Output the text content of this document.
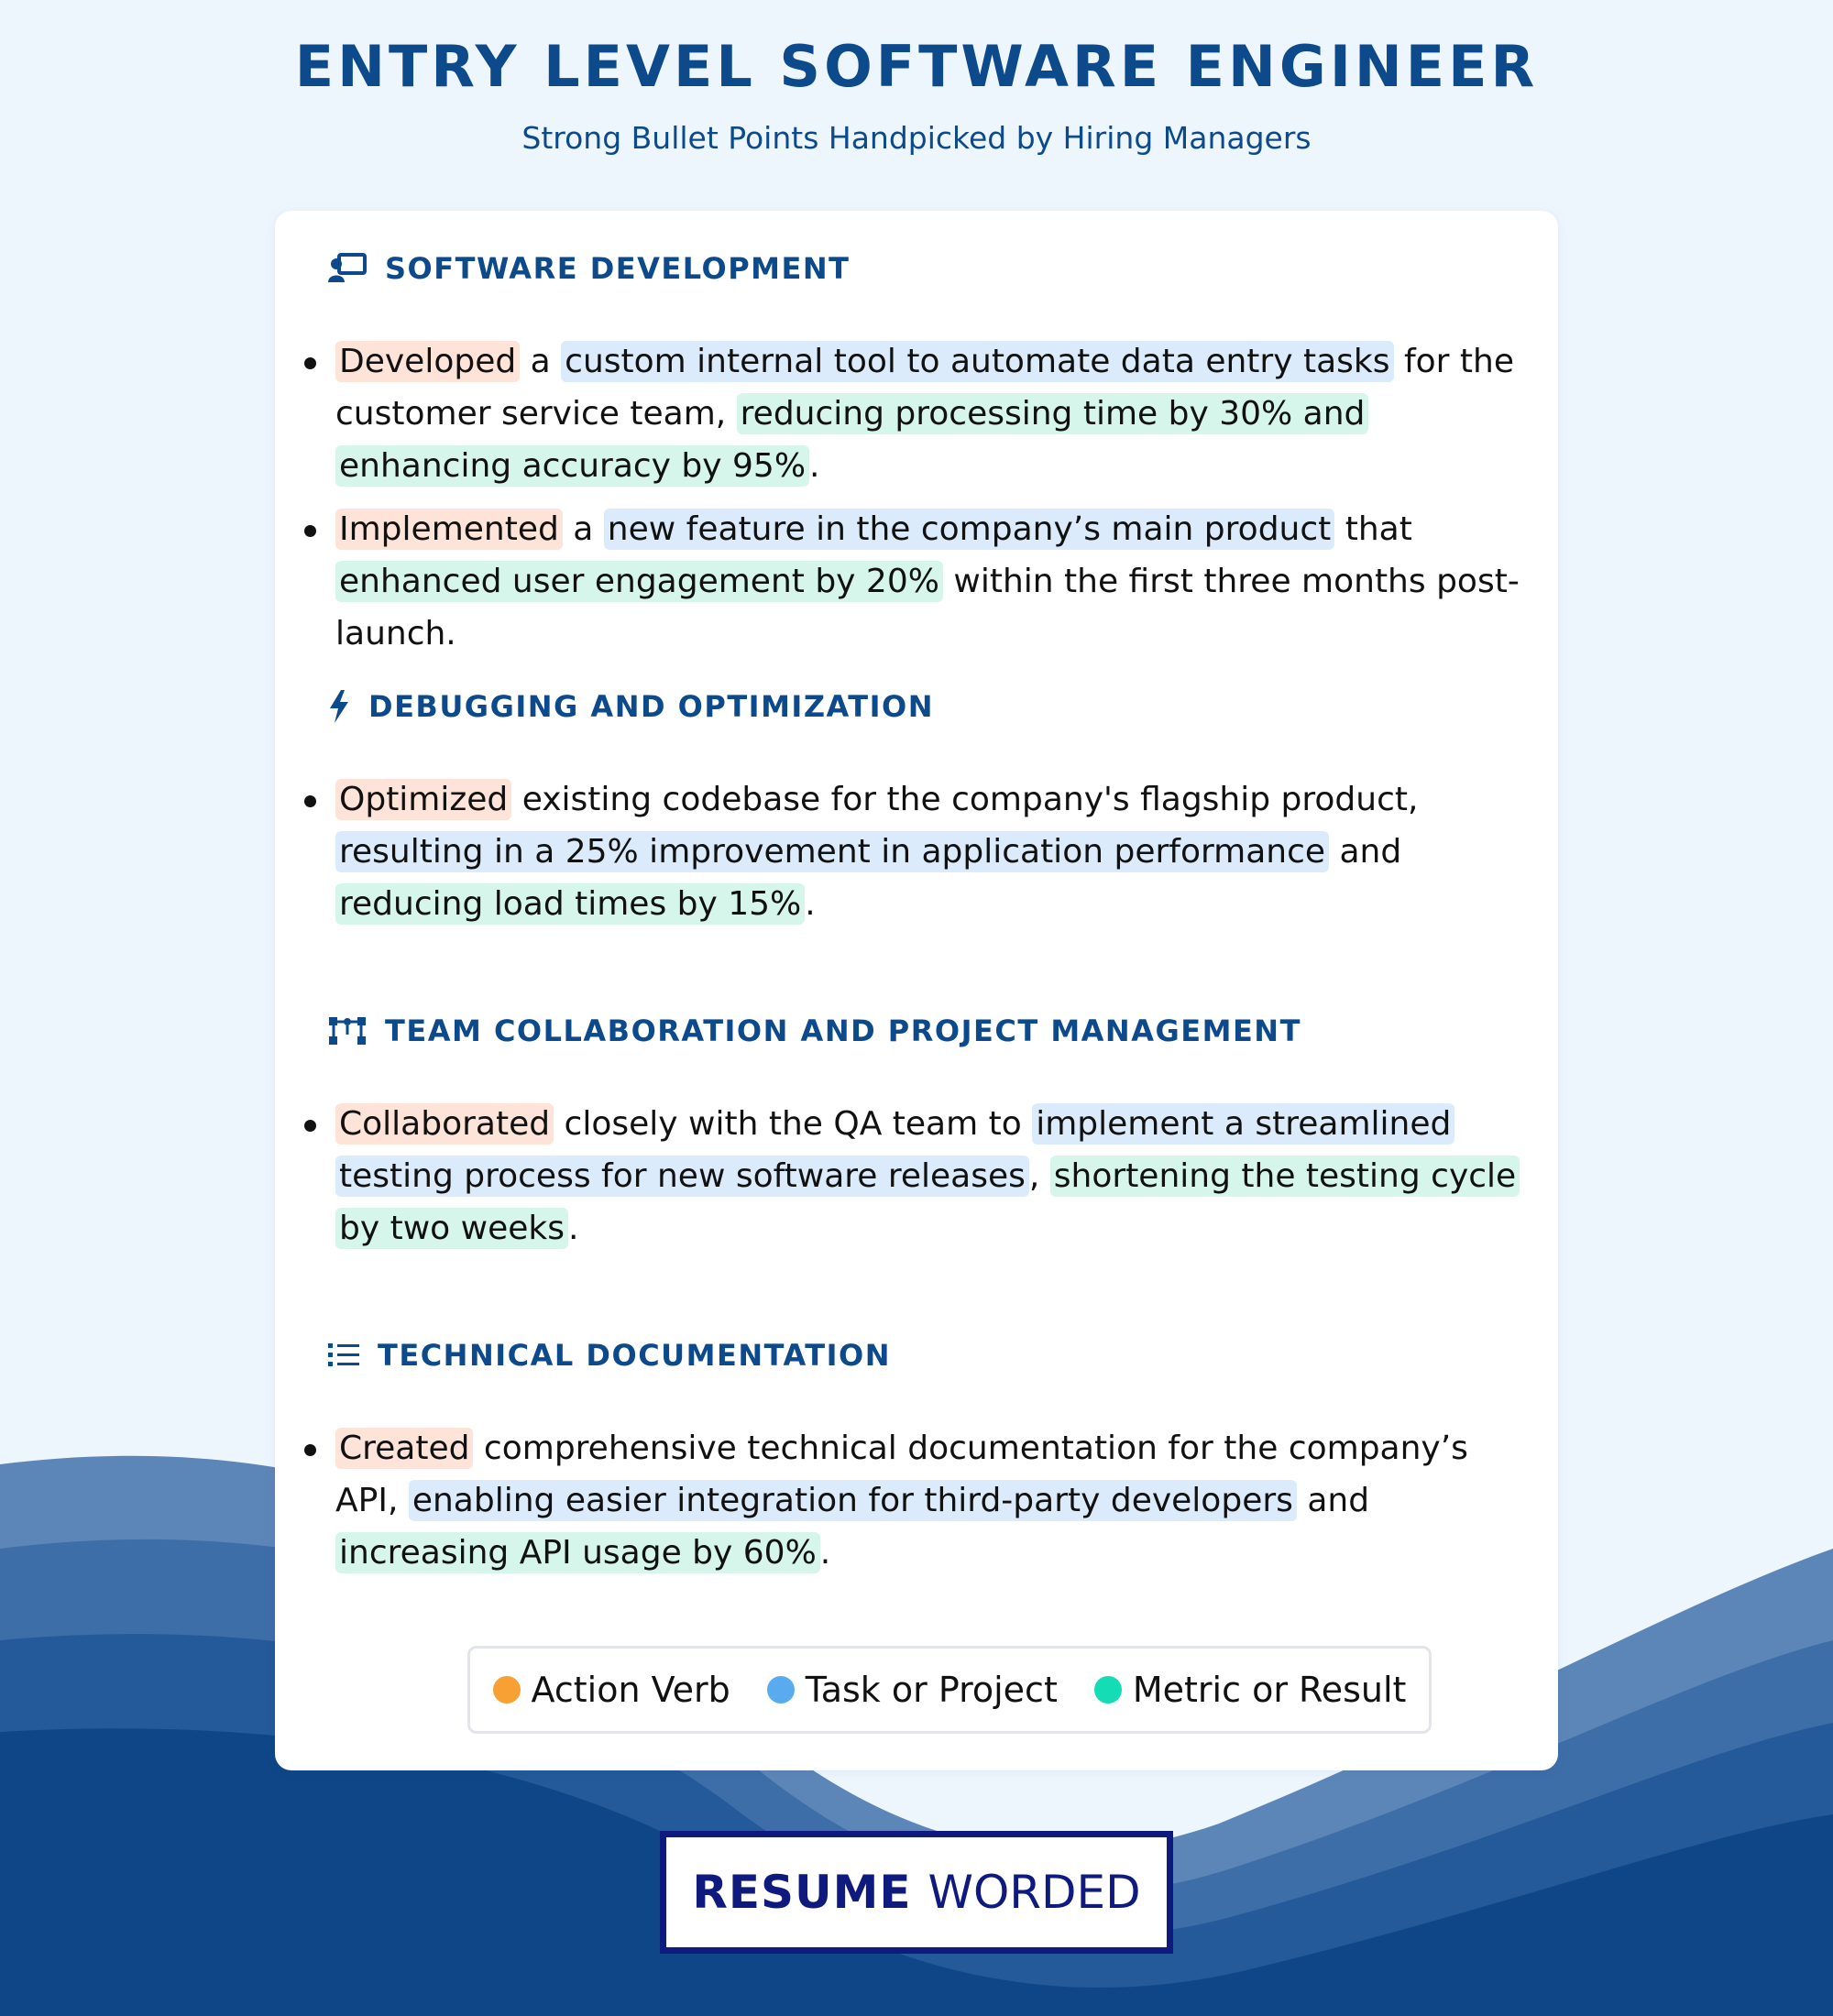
ENTRY LEVEL SOFTWARE ENGINEER
Strong Bullet Points Handpicked by Hiring Managers
SOFTWARE DEVELOPMENT
Developed a custom internal tool to automate data entry tasks for the customer service team, reducing processing time by 30% and enhancing accuracy by 95% .
Implemented a new feature in the company’s main product that enhanced user engagement by 20% within the first three months post-launch.
DEBUGGING AND OPTIMIZATION
Optimized existing codebase for the company's flagship product, resulting in a 25% improvement in application performance and reducing load times by 15% .
TEAM COLLABORATION AND PROJECT MANAGEMENT
Collaborated closely with the QA team to implement a streamlined testing process for new software releases , shortening the testing cycle by two weeks .
TECHNICAL DOCUMENTATION
Created comprehensive technical documentation for the company’s API, enabling easier integration for third-party developers and increasing API usage by 60% .
Action Verb Task or Project Metric or Result
RESUME WORDED
